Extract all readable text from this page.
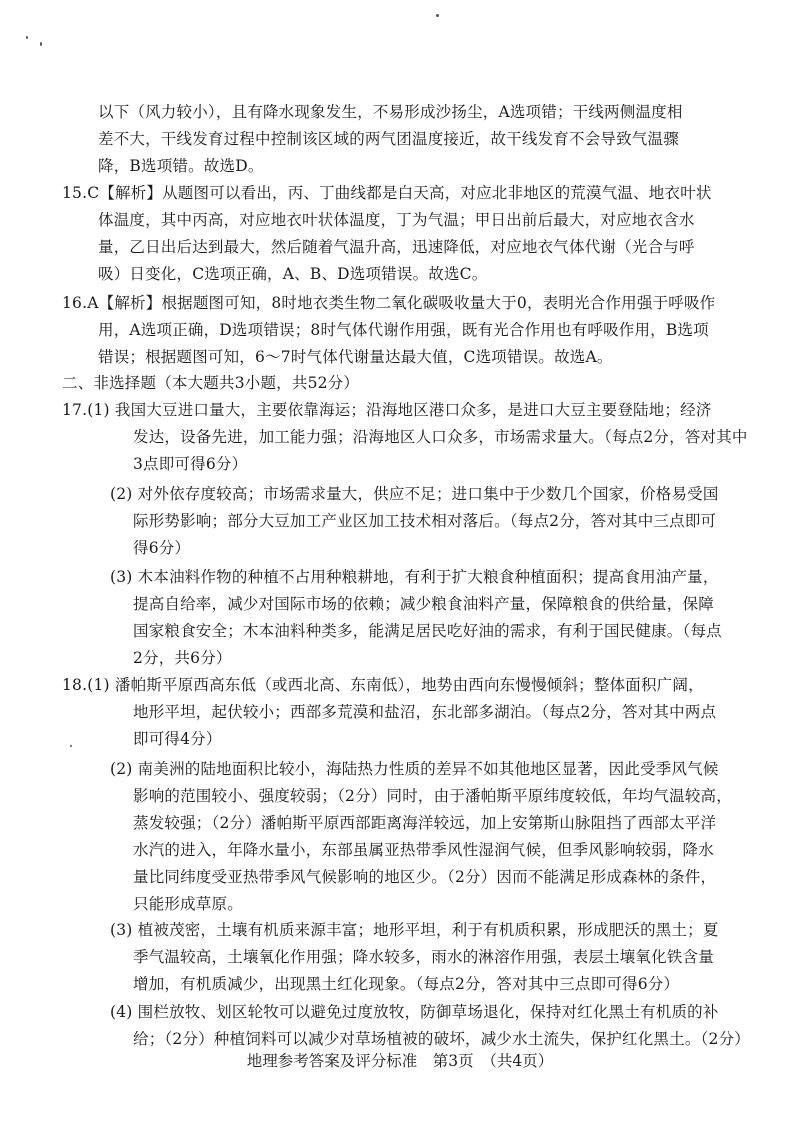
以下（风力较小），且有降水现象发生，不易形成沙扬尘，A选项错；干线两侧温度相
差不大，干线发育过程中控制该区域的两气团温度接近，故干线发育不会导致气温骤
降，B选项错。故选D。
15.C【解析】从题图可以看出，丙、丁曲线都是白天高，对应北非地区的荒漠气温、地衣叶状
体温度，其中丙高，对应地衣叶状体温度，丁为气温；甲日出前后最大，对应地衣含水
量，乙日出后达到最大，然后随着气温升高，迅速降低，对应地衣气体代谢（光合与呼
吸）日变化，C选项正确，A、B、D选项错误。故选C。
16.A【解析】根据题图可知，8时地衣类生物二氧化碳吸收量大于0，表明光合作用强于呼吸作
用，A选项正确，D选项错误；8时气体代谢作用强，既有光合作用也有呼吸作用，B选项
错误；根据题图可知，6～7时气体代谢量达最大值，C选项错误。故选A。
二、非选择题（本大题共3小题，共52分）
17.(1) 我国大豆进口量大，主要依靠海运；沿海地区港口众多，是进口大豆主要登陆地；经济
发达，设备先进，加工能力强；沿海地区人口众多，市场需求量大。（每点2分，答对其中
3点即可得6分）
(2) 对外依存度较高；市场需求量大，供应不足；进口集中于少数几个国家，价格易受国
际形势影响；部分大豆加工产业区加工技术相对落后。（每点2分，答对其中三点即可
得6分）
(3) 木本油料作物的种植不占用种粮耕地，有利于扩大粮食种植面积；提高食用油产量，
提高自给率，减少对国际市场的依赖；减少粮食油料产量，保障粮食的供给量，保障
国家粮食安全；木本油料种类多，能满足居民吃好油的需求，有利于国民健康。（每点
2分，共6分）
18.(1) 潘帕斯平原西高东低（或西北高、东南低），地势由西向东慢慢倾斜；整体面积广阔，
地形平坦，起伏较小；西部多荒漠和盐沼，东北部多湖泊。（每点2分，答对其中两点
即可得4分）
(2) 南美洲的陆地面积比较小，海陆热力性质的差异不如其他地区显著，因此受季风气候
影响的范围较小、强度较弱；（2分）同时，由于潘帕斯平原纬度较低，年均气温较高，
蒸发较强；（2分）潘帕斯平原西部距离海洋较远，加上安第斯山脉阻挡了西部太平洋
水汽的进入，年降水量小，东部虽属亚热带季风性湿润气候，但季风影响较弱，降水
量比同纬度受亚热带季风气候影响的地区少。（2分）因而不能满足形成森林的条件，
只能形成草原。
(3) 植被茂密，土壤有机质来源丰富；地形平坦，利于有机质积累，形成肥沃的黑土；夏
季气温较高，土壤氧化作用强；降水较多，雨水的淋溶作用强，表层土壤氧化铁含量
增加，有机质减少，出现黑土红化现象。（每点2分，答对其中三点即可得6分）
(4) 围栏放牧、划区轮牧可以避免过度放牧，防御草场退化，保持对红化黑土有机质的补
给；（2分）种植饲料可以减少对草场植被的破坏，减少水土流失，保护红化黑土。（2分）
地理参考答案及评分标准　第3页　（共4页）
